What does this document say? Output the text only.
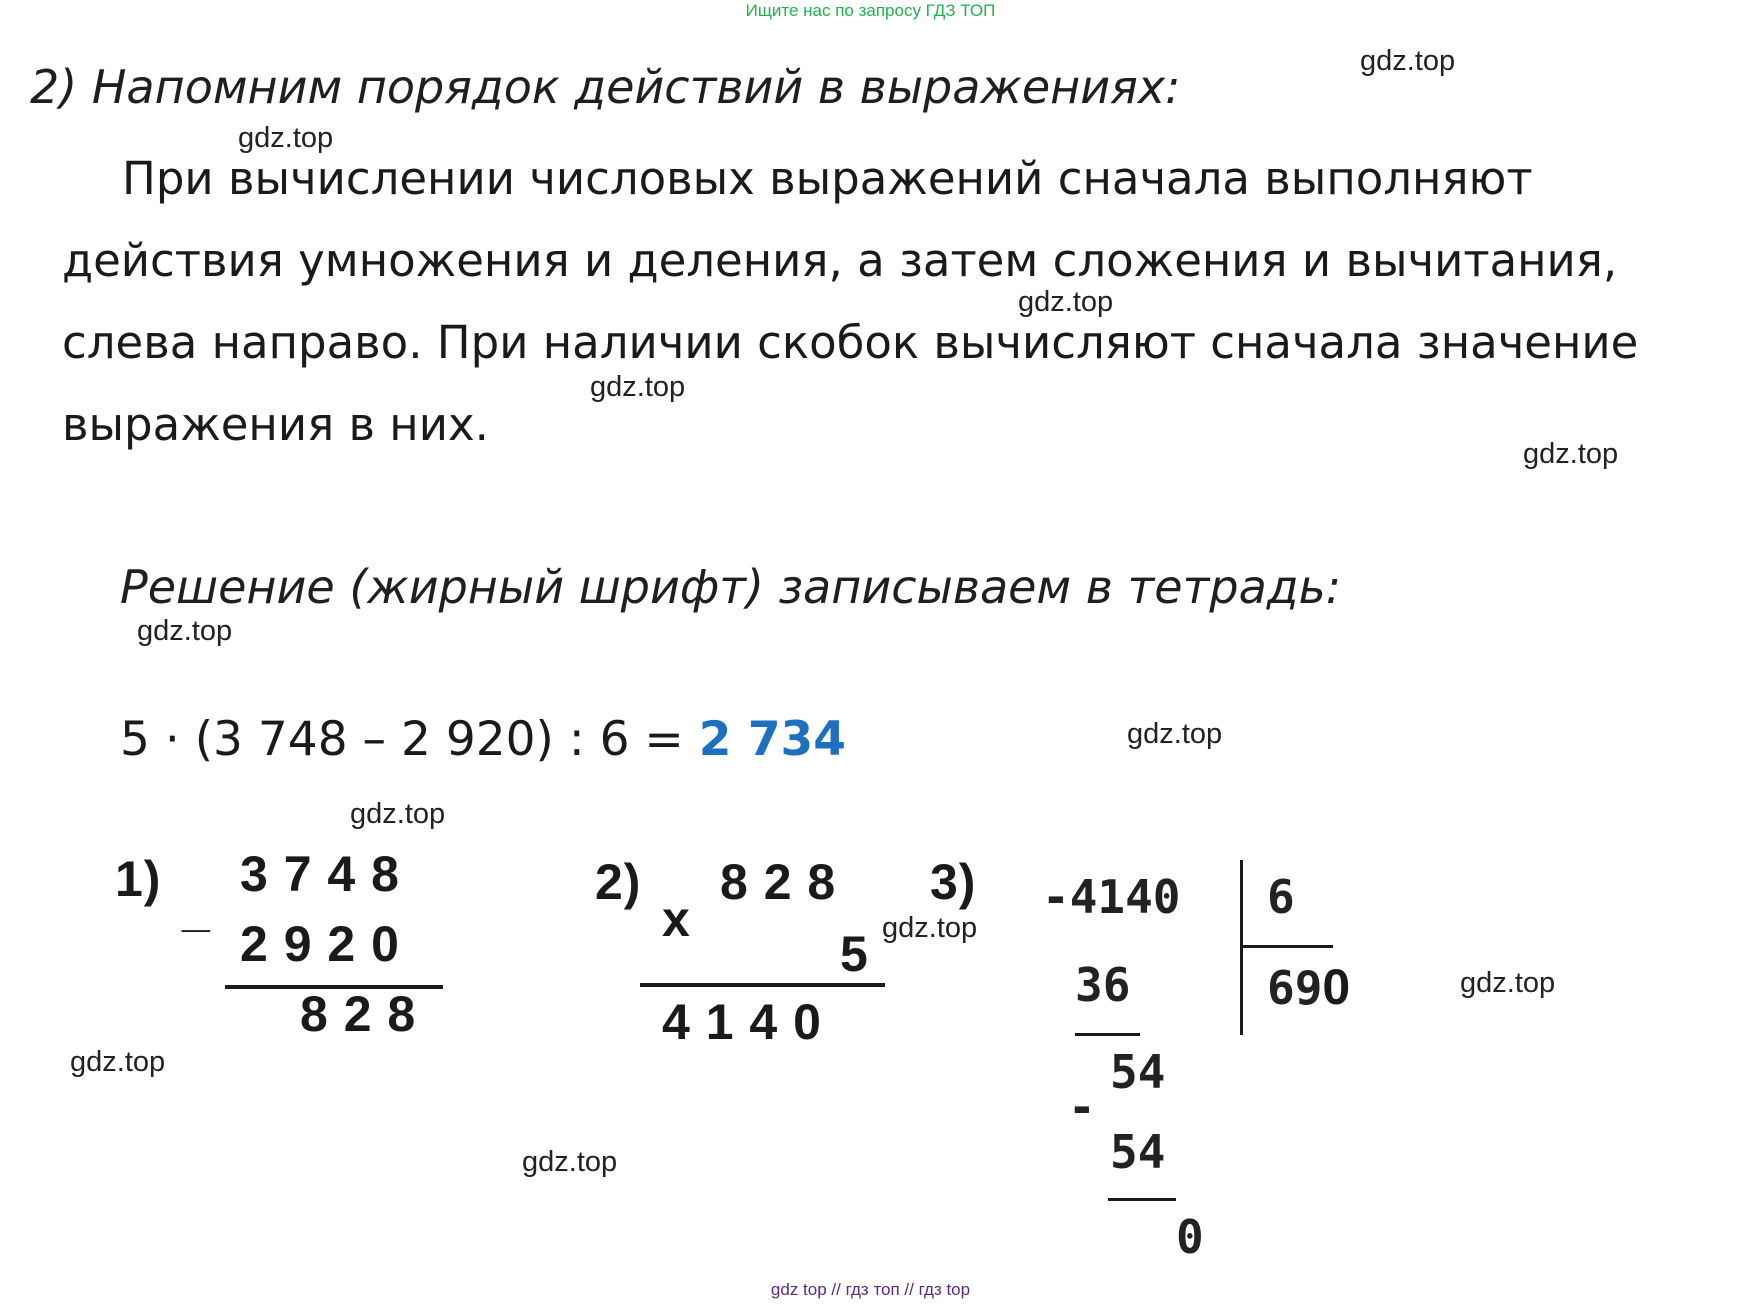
Ищите нас по запросу ГДЗ ТОП
2) Напомним порядок действий в выражениях:
При вычислении числовых выражений сначала выполняют
действия умножения и деления, а затем сложения и вычитания,
слева направо. При наличии скобок вычисляют сначала значение
выражения в них.
Решение (жирный шрифт) записываем в тетрадь:
5 · (3 748 – 2 920) : 6 = 2 734
1)
_
3 7 4 8
2 9 2 0
8 2 8
2)
x
8 2 8
5
4 1 4 0
3) -4140 6
36	690
54
-
54
0
gdz.top
gdz.top
gdz.top
gdz.top
gdz.top
gdz.top
gdz.top
gdz.top
gdz.top
gdz.top
gdz.top
gdz.top
gdz top // гдз топ // гдз top
